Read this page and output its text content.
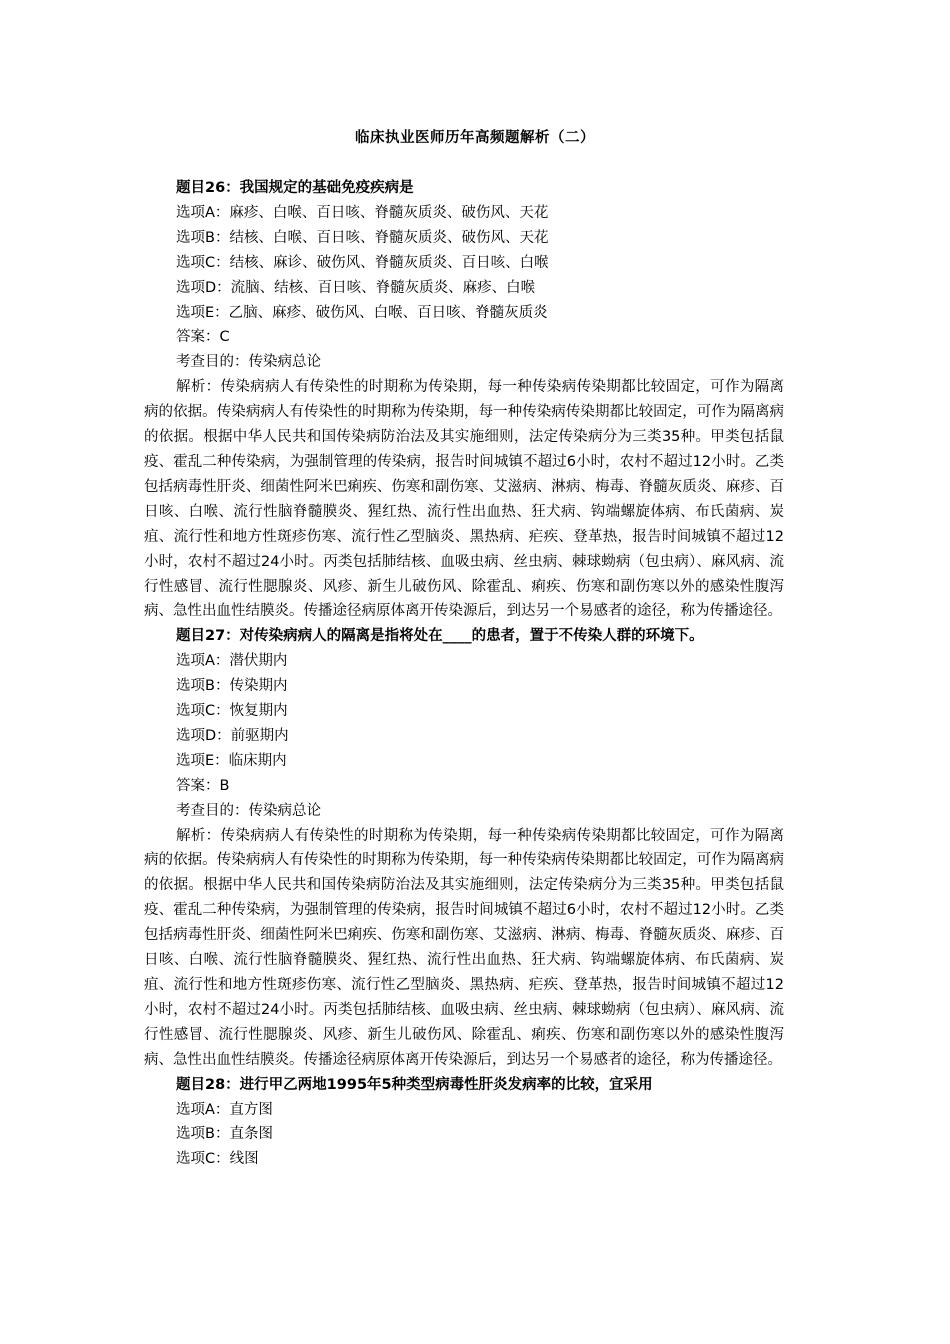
临床执业医师历年高频题解析（二）
题目26：我国规定的基础免疫疾病是
选项A：麻疹、白喉、百日咳、脊髓灰质炎、破伤风、天花
选项B：结核、白喉、百日咳、脊髓灰质炎、破伤风、天花
选项C：结核、麻诊、破伤风、脊髓灰质炎、百日咳、白喉
选项D：流脑、结核、百日咳、脊髓灰质炎、麻疹、白喉
选项E：乙脑、麻疹、破伤风、白喉、百日咳、脊髓灰质炎
答案：C
考查目的：传染病总论
解析：传染病病人有传染性的时期称为传染期，每一种传染病传染期都比较固定，可作为隔离病的依据。传染病病人有传染性的时期称为传染期，每一种传染病传染期都比较固定，可作为隔离病的依据。根据中华人民共和国传染病防治法及其实施细则，法定传染病分为三类35种。甲类包括鼠疫、霍乱二种传染病，为强制管理的传染病，报告时间城镇不超过6小时，农村不超过12小时。乙类包括病毒性肝炎、细菌性阿米巴痢疾、伤寒和副伤寒、艾滋病、淋病、梅毒、脊髓灰质炎、麻疹、百日咳、白喉、流行性脑脊髓膜炎、猩红热、流行性出血热、狂犬病、钩端螺旋体病、布氏菌病、炭疽、流行性和地方性斑疹伤寒、流行性乙型脑炎、黑热病、疟疾、登革热，报告时间城镇不超过12小时，农村不超过24小时。丙类包括肺结核、血吸虫病、丝虫病、棘球蚴病（包虫病）、麻风病、流行性感冒、流行性腮腺炎、风疹、新生儿破伤风、除霍乱、痢疾、伤寒和副伤寒以外的感染性腹泻病、急性出血性结膜炎。传播途径病原体离开传染源后，到达另一个易感者的途径，称为传播途径。
题目27：对传染病病人的隔离是指将处在____的患者，置于不传染人群的环境下。
选项A：潜伏期内
选项B：传染期内
选项C：恢复期内
选项D：前驱期内
选项E：临床期内
答案：B
考查目的：传染病总论
解析：传染病病人有传染性的时期称为传染期，每一种传染病传染期都比较固定，可作为隔离病的依据。传染病病人有传染性的时期称为传染期，每一种传染病传染期都比较固定，可作为隔离病的依据。根据中华人民共和国传染病防治法及其实施细则，法定传染病分为三类35种。甲类包括鼠疫、霍乱二种传染病，为强制管理的传染病，报告时间城镇不超过6小时，农村不超过12小时。乙类包括病毒性肝炎、细菌性阿米巴痢疾、伤寒和副伤寒、艾滋病、淋病、梅毒、脊髓灰质炎、麻疹、百日咳、白喉、流行性脑脊髓膜炎、猩红热、流行性出血热、狂犬病、钩端螺旋体病、布氏菌病、炭疽、流行性和地方性斑疹伤寒、流行性乙型脑炎、黑热病、疟疾、登革热，报告时间城镇不超过12小时，农村不超过24小时。丙类包括肺结核、血吸虫病、丝虫病、棘球蚴病（包虫病）、麻风病、流行性感冒、流行性腮腺炎、风疹、新生儿破伤风、除霍乱、痢疾、伤寒和副伤寒以外的感染性腹泻病、急性出血性结膜炎。传播途径病原体离开传染源后，到达另一个易感者的途径，称为传播途径。
题目28：进行甲乙两地1995年5种类型病毒性肝炎发病率的比较，宜采用
选项A：直方图
选项B：直条图
选项C：线图
